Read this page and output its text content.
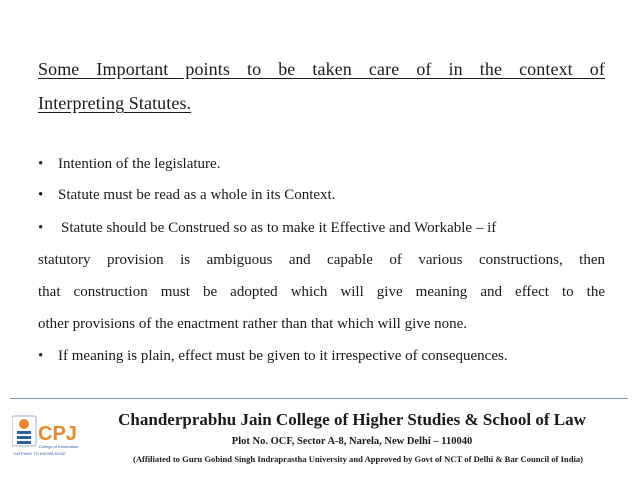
Some Important points to be taken care of in the context of
Interpreting Statutes.
• Intention of the legislature.
• Statute must be read as a whole in its Context.
•	Statute should be Construed so as to make it Effective and Workable – if
statutory provision is ambiguous and capable of various constructions, then
that construction must be adopted which will give meaning and effect to the
other provisions of the enactment rather than that which will give none.
• If meaning is plain, effect must be given to it irrespective of consequences.
CPJ
College of Information
GATEWAY TO KNOWLEDGE
Chanderprabhu Jain College of Higher Studies & School of Law
Plot No. OCF, Sector A-8, Narela, New Delhi – 110040
(Affiliated to Guru Gobind Singh Indraprastha University and Approved by Govt of NCT of Delhi & Bar Council of India)
